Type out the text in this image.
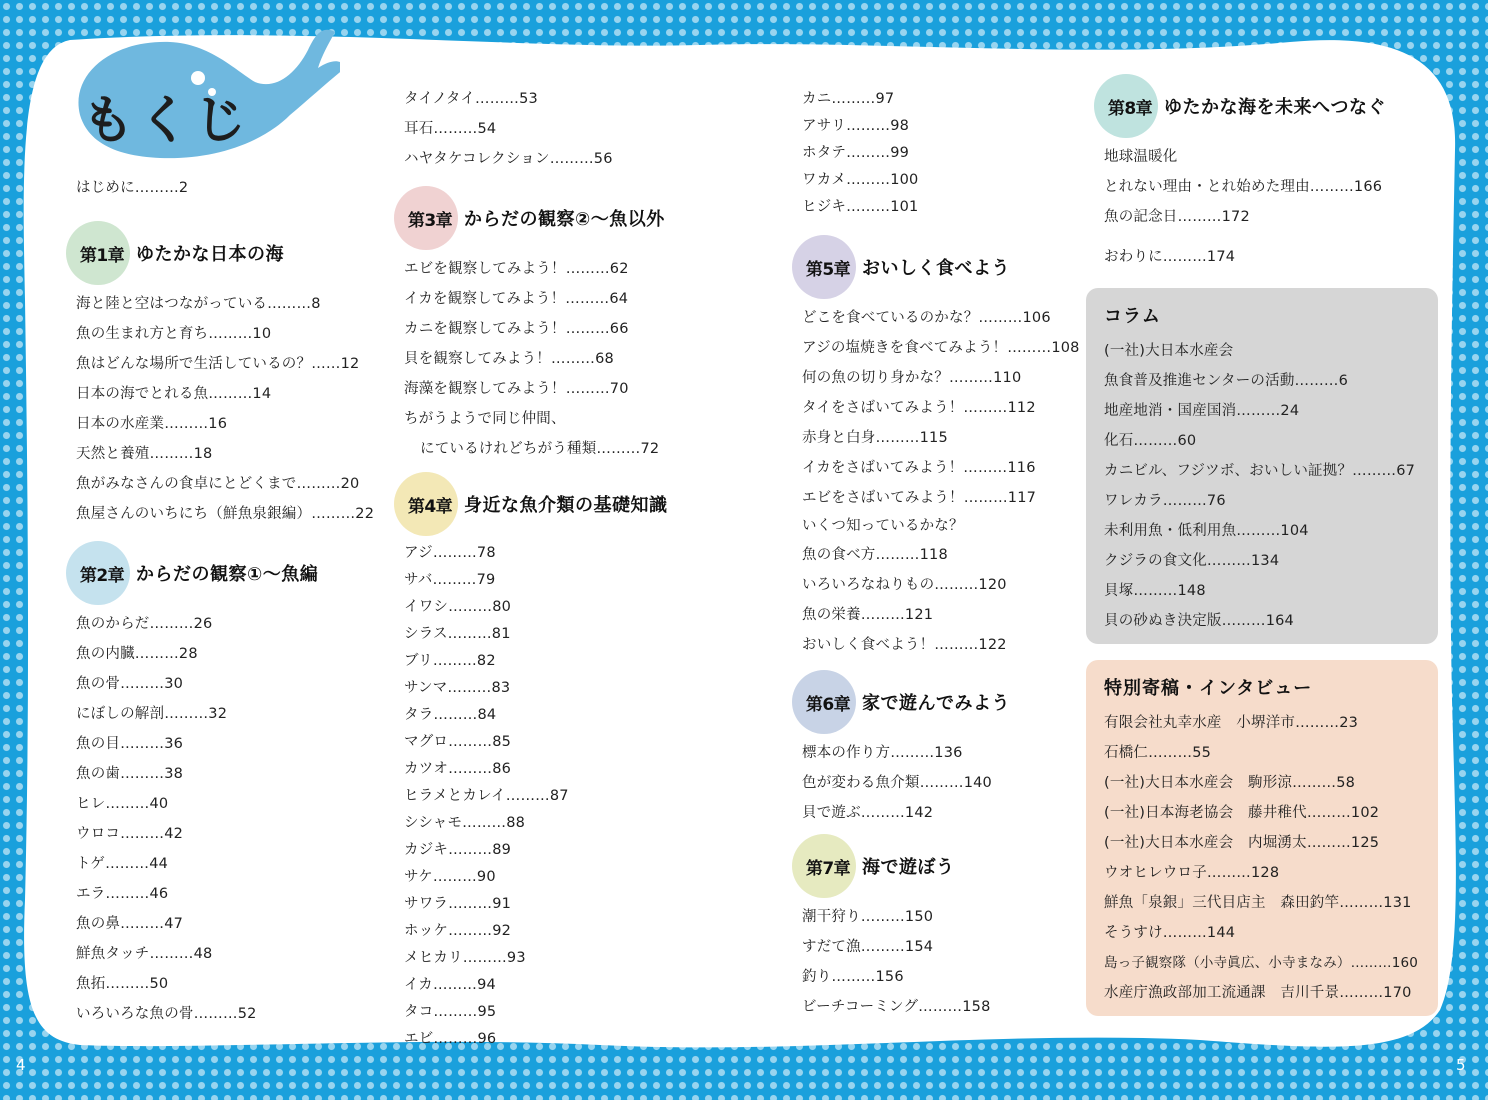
もくじ
はじめに………2
第1章 ゆたかな日本の海
海と陸と空はつながっている………8
魚の生まれ方と育ち………10
魚はどんな場所で生活しているの？……12
日本の海でとれる魚………14
日本の水産業………16
天然と養殖………18
魚がみなさんの食卓にとどくまで………20
魚屋さんのいちにち（鮮魚泉銀編）………22
第2章 からだの観察①～魚編
魚のからだ………26
魚の内臓………28
魚の骨………30
にぼしの解剖………32
魚の目………36
魚の歯………38
ヒレ………40
ウロコ………42
トゲ………44
エラ………46
魚の鼻………47
鮮魚タッチ………48
魚拓………50
いろいろな魚の骨………52
タイノタイ………53
耳石………54
ハヤタケコレクション………56
第3章 からだの観察②～魚以外
エビを観察してみよう！………62
イカを観察してみよう！………64
カニを観察してみよう！………66
貝を観察してみよう！………68
海藻を観察してみよう！………70
ちがうようで同じ仲間、
にているけれどちがう種類………72
第4章 身近な魚介類の基礎知識
アジ………78
サバ………79
イワシ………80
シラス………81
ブリ………82
サンマ………83
タラ………84
マグロ………85
カツオ………86
ヒラメとカレイ………87
シシャモ………88
カジキ………89
サケ………90
サワラ………91
ホッケ………92
メヒカリ………93
イカ………94
タコ………95
エビ………96
カニ………97
アサリ………98
ホタテ………99
ワカメ………100
ヒジキ………101
第5章 おいしく食べよう
どこを食べているのかな？………106
アジの塩焼きを食べてみよう！………108
何の魚の切り身かな？………110
タイをさばいてみよう！………112
赤身と白身………115
イカをさばいてみよう！………116
エビをさばいてみよう！………117
いくつ知っているかな？
魚の食べ方………118
いろいろなねりもの………120
魚の栄養………121
おいしく食べよう！………122
第6章 家で遊んでみよう
標本の作り方………136
色が変わる魚介類………140
貝で遊ぶ………142
第7章 海で遊ぼう
潮干狩り………150
すだて漁………154
釣り………156
ビーチコーミング………158
第8章 ゆたかな海を未来へつなぐ
地球温暖化
とれない理由・とれ始めた理由………166
魚の記念日………172
おわりに………174
コラム
(一社)大日本水産会
魚食普及推進センターの活動………6
地産地消・国産国消………24
化石………60
カニビル、フジツボ、おいしい証拠？………67
ワレカラ………76
未利用魚・低利用魚………104
クジラの食文化………134
貝塚………148
貝の砂ぬき決定版………164
特別寄稿・インタビュー
有限会社丸幸水産　小堺洋市………23
石橋仁………55
(一社)大日本水産会　駒形涼………58
(一社)日本海老協会　藤井稚代………102
(一社)大日本水産会　内堀湧太………125
ウオヒレウロ子………128
鮮魚「泉銀」三代目店主　森田釣竿………131
そうすけ………144
島っ子観察隊（小寺眞広、小寺まなみ）………160
水産庁漁政部加工流通課　吉川千景………170
4	5
